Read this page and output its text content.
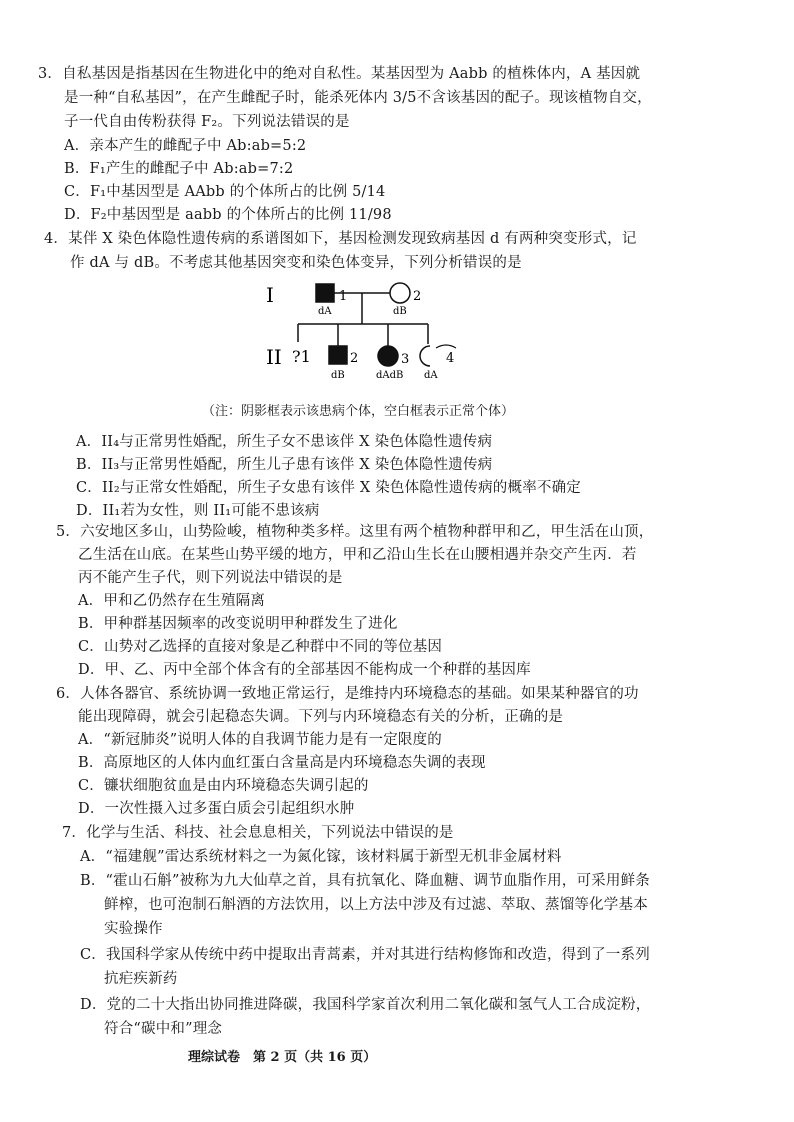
3．自私基因是指基因在生物进化中的绝对自私性。某基因型为 Aabb 的植株体内，A 基因就
是一种“自私基因”，在产生雌配子时，能杀死体内 3/5不含该基因的配子。现该植物自交，
子一代自由传粉获得 F₂。下列说法错误的是
A．亲本产生的雌配子中 Ab:ab=5:2
B．F₁产生的雌配子中 Ab:ab=7:2
C．F₁中基因型是 AAbb 的个体所占的比例 5/14
D．F₂中基因型是 aabb 的个体所占的比例 11/98
4．某伴 X 染色体隐性遗传病的系谱图如下，基因检测发现致病基因 d 有两种突变形式，记
作 dA 与 dB。不考虑其他基因突变和染色体变异，下列分析错误的是
I
II
1
dA
2
dB
?1	2
dB
3
dAdB
4
dA
（注：阴影框表示该患病个体，空白框表示正常个体）
A．II₄与正常男性婚配，所生子女不患该伴 X 染色体隐性遗传病
B．II₃与正常男性婚配，所生儿子患有该伴 X 染色体隐性遗传病
C．II₂与正常女性婚配，所生子女患有该伴 X 染色体隐性遗传病的概率不确定
D．II₁若为女性，则 II₁可能不患该病
5．六安地区多山，山势险峻，植物种类多样。这里有两个植物种群甲和乙，甲生活在山顶，
乙生活在山底。在某些山势平缓的地方，甲和乙沿山生长在山腰相遇并杂交产生丙．若
丙不能产生子代，则下列说法中错误的是
A．甲和乙仍然存在生殖隔离
B．甲种群基因频率的改变说明甲种群发生了进化
C．山势对乙选择的直接对象是乙种群中不同的等位基因
D．甲、乙、丙中全部个体含有的全部基因不能构成一个种群的基因库
6．人体各器官、系统协调一致地正常运行，是维持内环境稳态的基础。如果某种器官的功
能出现障碍，就会引起稳态失调。下列与内环境稳态有关的分析，正确的是
A．“新冠肺炎”说明人体的自我调节能力是有一定限度的
B．高原地区的人体内血红蛋白含量高是内环境稳态失调的表现
C．镰状细胞贫血是由内环境稳态失调引起的
D．一次性摄入过多蛋白质会引起组织水肿
7．化学与生活、科技、社会息息相关，下列说法中错误的是
A．“福建舰”雷达系统材料之一为氮化镓，该材料属于新型无机非金属材料
B．“霍山石斛”被称为九大仙草之首，具有抗氧化、降血糖、调节血脂作用，可采用鲜条
鲜榨，也可泡制石斛酒的方法饮用，以上方法中涉及有过滤、萃取、蒸馏等化学基本
实验操作
C．我国科学家从传统中药中提取出青蒿素，并对其进行结构修饰和改造，得到了一系列
抗疟疾新药
D．党的二十大指出协同推进降碳，我国科学家首次利用二氧化碳和氢气人工合成淀粉，
符合“碳中和”理念
理综试卷　第 2 页（共 16 页）
